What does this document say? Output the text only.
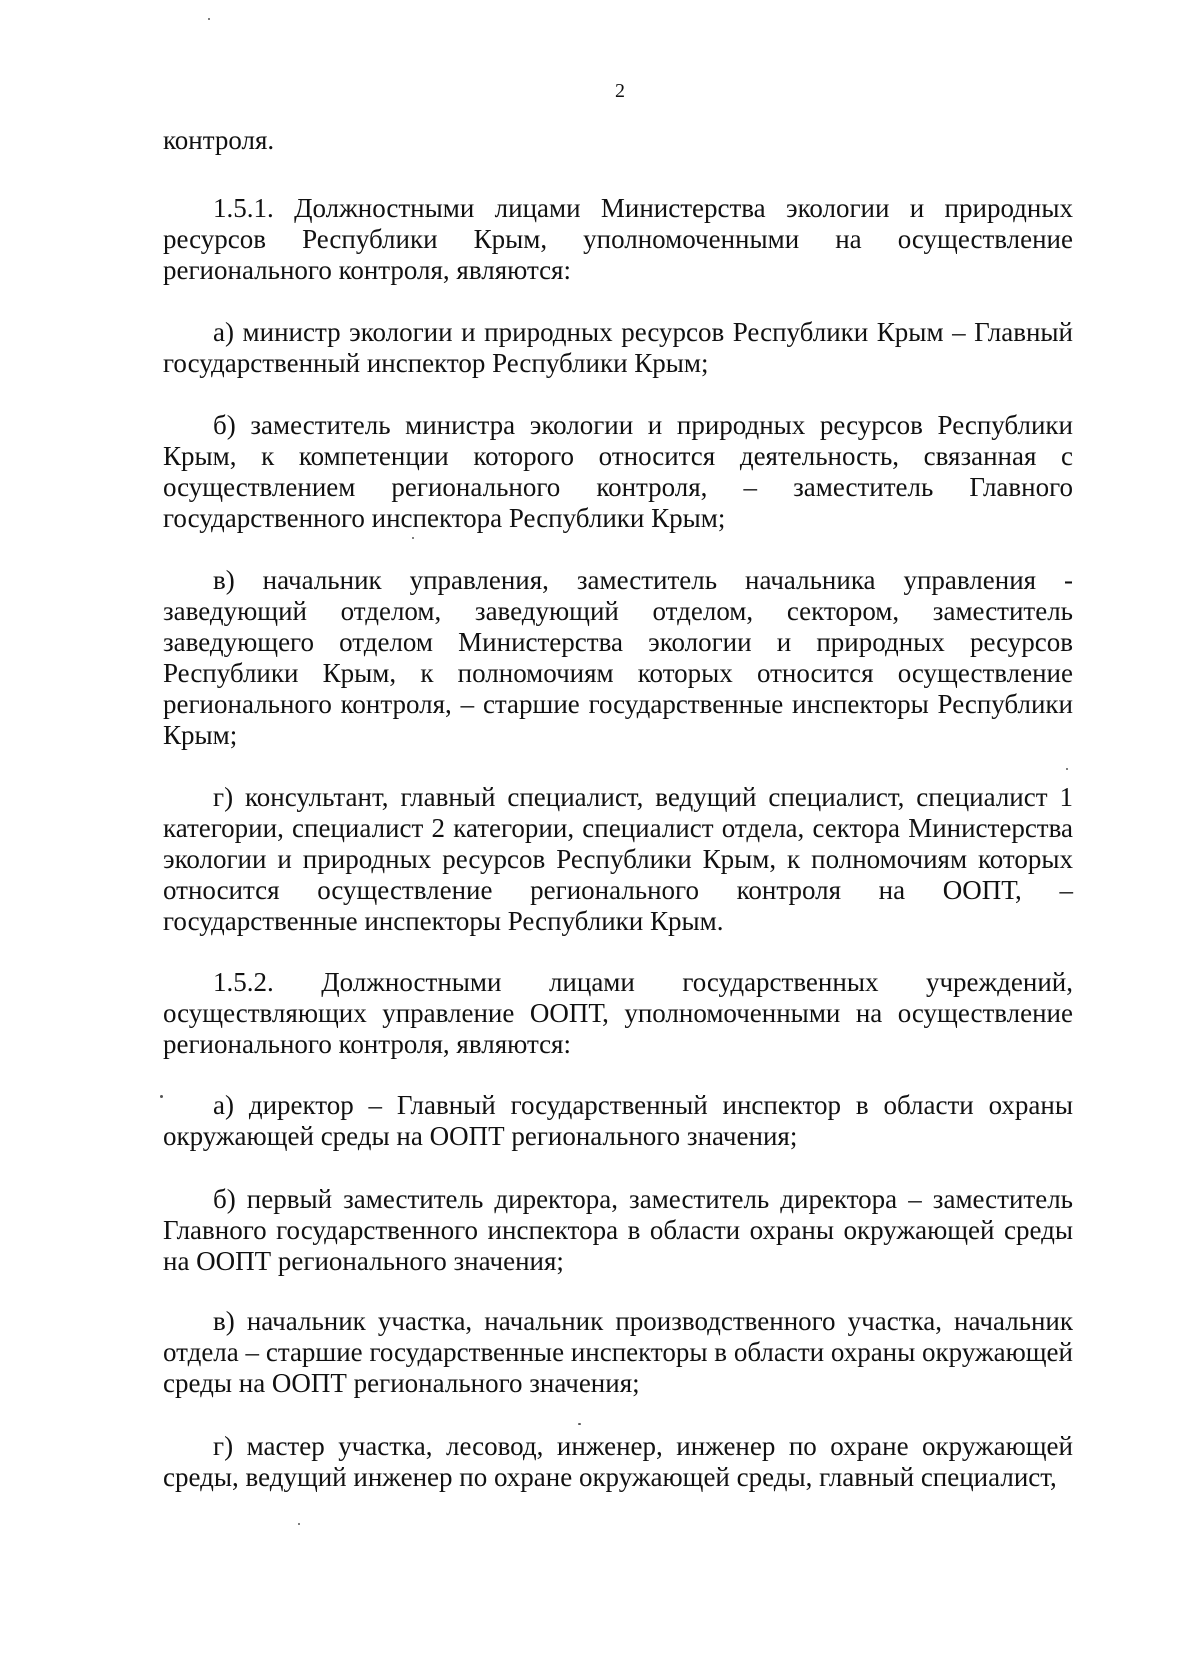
2
контроля.
1.5.1. Должностными лицами Министерства экологии и природных ресурсов Республики Крым, уполномоченными на осуществление регионального контроля, являются:
а) министр экологии и природных ресурсов Республики Крым – Главный государственный инспектор Республики Крым;
б) заместитель министра экологии и природных ресурсов Республики Крым, к компетенции которого относится деятельность, связанная с осуществлением регионального контроля, – заместитель Главного государственного инспектора Республики Крым;
в) начальник управления, заместитель начальника управления - заведующий отделом, заведующий отделом, сектором, заместитель заведующего отделом Министерства экологии и природных ресурсов Республики Крым, к полномочиям которых относится осуществление регионального контроля, – старшие государственные инспекторы Республики Крым;
г) консультант, главный специалист, ведущий специалист, специалист 1 категории, специалист 2 категории, специалист отдела, сектора Министерства экологии и природных ресурсов Республики Крым, к полномочиям которых относится осуществление регионального контроля на ООПТ, – государственные инспекторы Республики Крым.
1.5.2. Должностными лицами государственных учреждений, осуществляющих управление ООПТ, уполномоченными на осуществление регионального контроля, являются:
а) директор – Главный государственный инспектор в области охраны окружающей среды на ООПТ регионального значения;
б) первый заместитель директора, заместитель директора – заместитель Главного государственного инспектора в области охраны окружающей среды на ООПТ регионального значения;
в) начальник участка, начальник производственного участка, начальник отдела – старшие государственные инспекторы в области охраны окружающей среды на ООПТ регионального значения;
г) мастер участка, лесовод, инженер, инженер по охране окружающей среды, ведущий инженер по охране окружающей среды, главный специалист,
